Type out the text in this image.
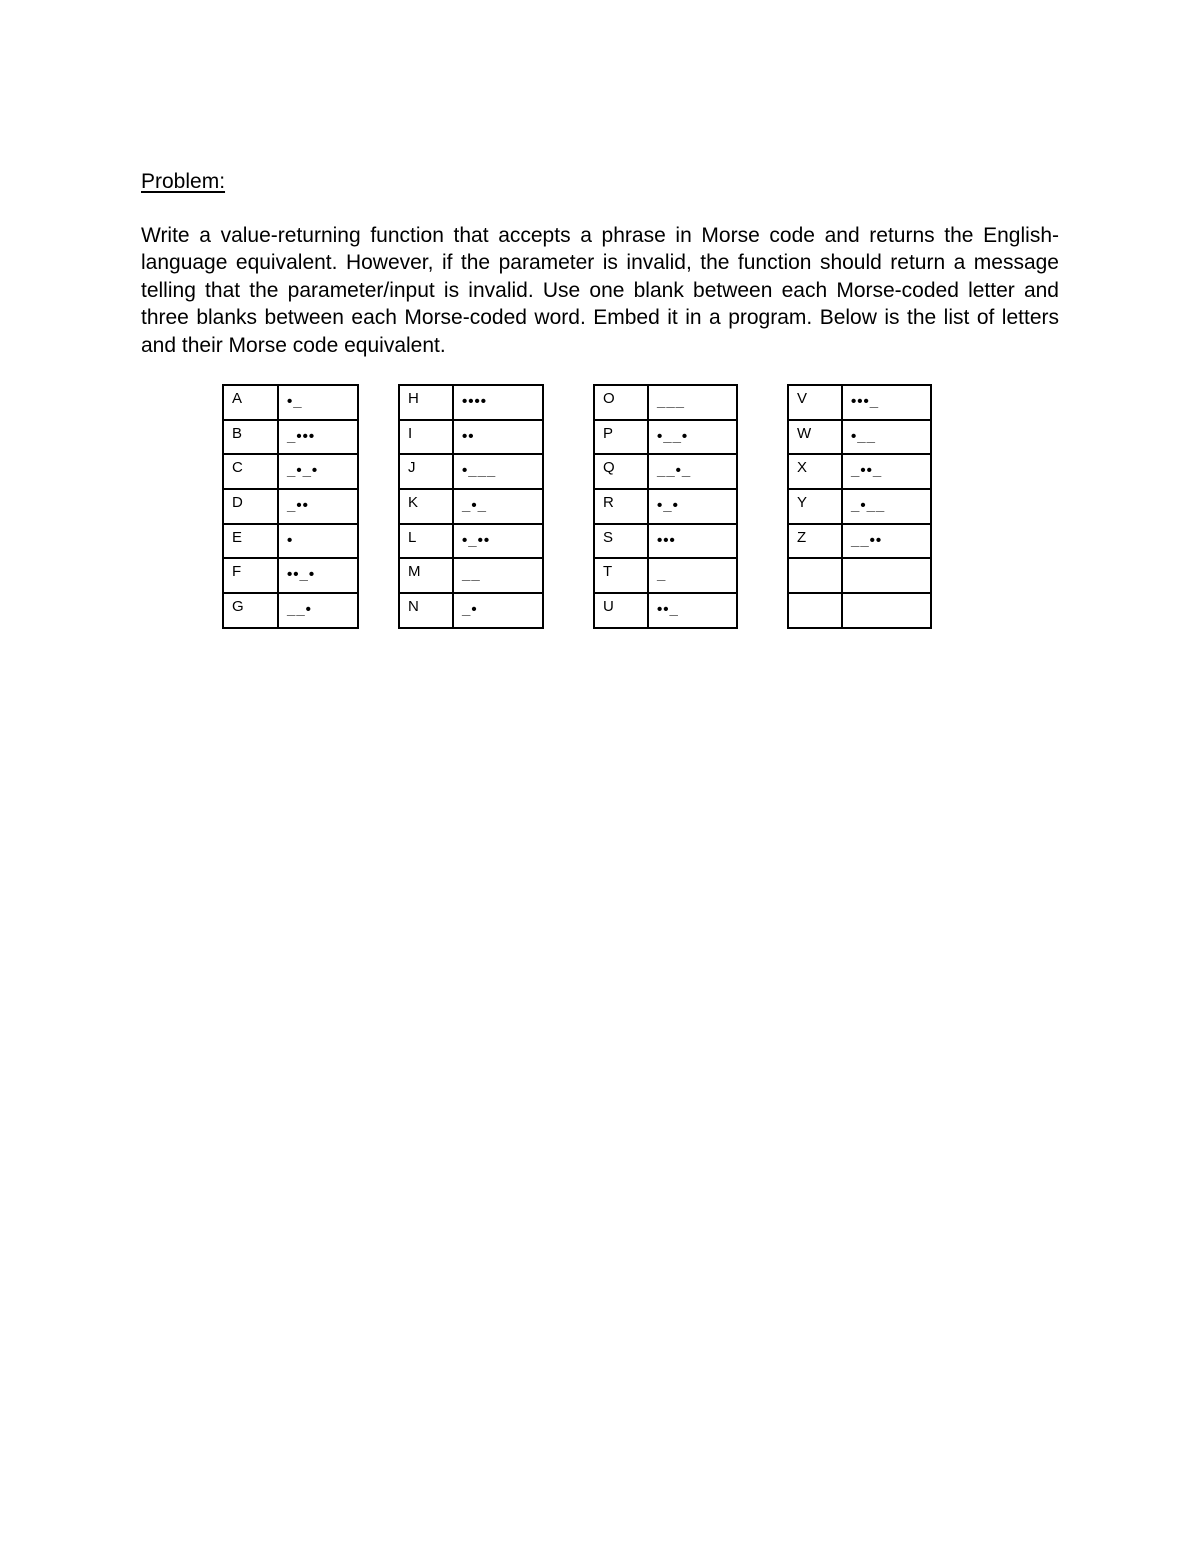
Problem:

Write a value-returning function that accepts a phrase in Morse code and returns the English-language equivalent. However, if the parameter is invalid, the function should return a message telling that the parameter/input is invalid. Use one blank between each Morse-coded letter and three blanks between each Morse-coded word. Embed it in a program. Below is the list of letters and their Morse code equivalent.

A	•_
B	_•••
C	_•_•
D	_••
E	•
F	••_•
G	__•
H	••••
I	••
J	•___
K	_•_
L	•_••
M	__
N	_•
O	___
P	•__•
Q	__•_
R	•_•
S	•••
T	_
U	••_
V	•••_
W	•__
X	_••_
Y	_•__
Z	__••
